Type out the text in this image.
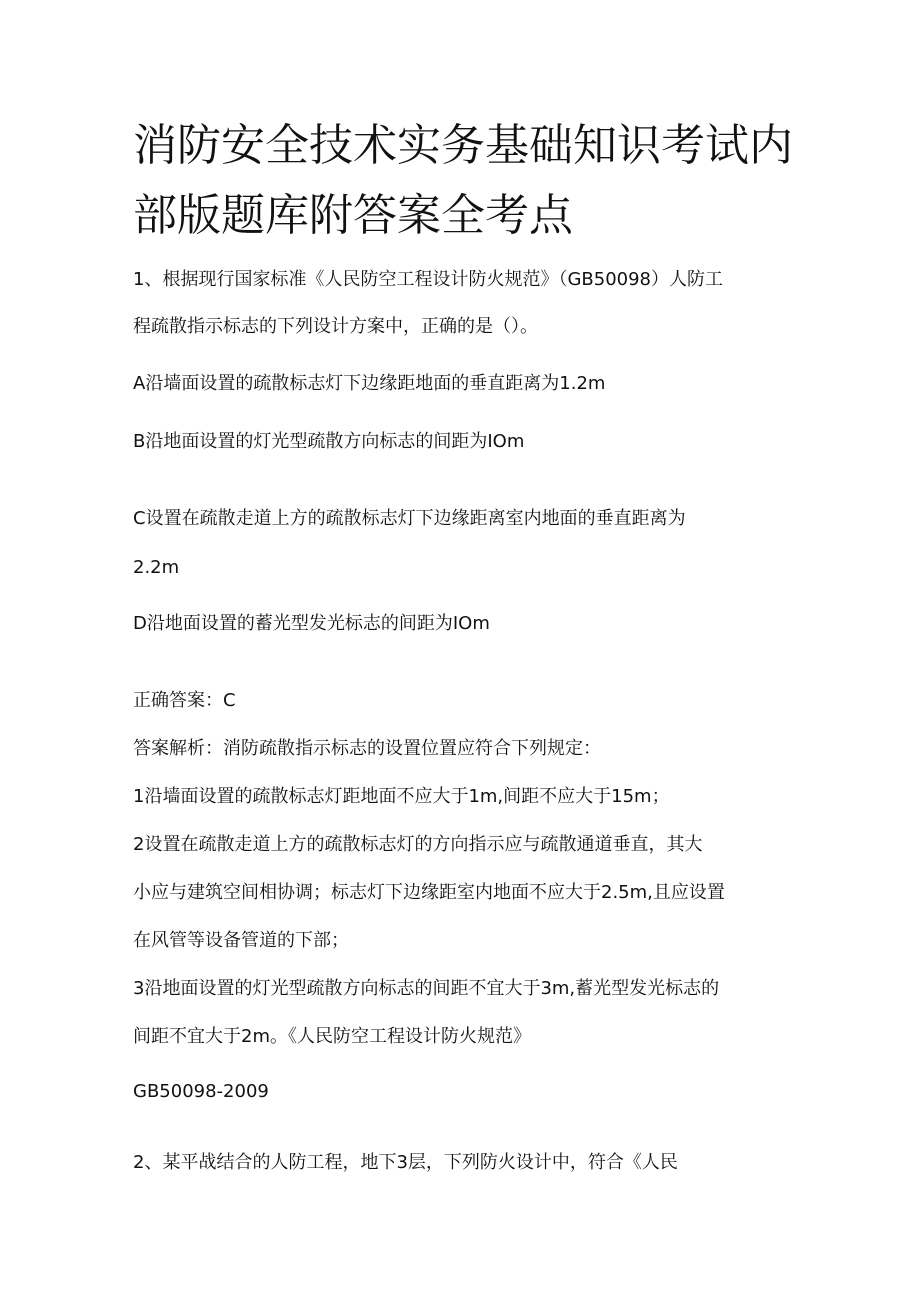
消防安全技术实务基础知识考试内
部版题库附答案全考点

1、根据现行国家标准《人民防空工程设计防火规范》（GB50098）人防工

程疏散指示标志的下列设计方案中，正确的是（）。

A沿墙面设置的疏散标志灯下边缘距地面的垂直距离为1.2m

B沿地面设置的灯光型疏散方向标志的间距为IOm

C设置在疏散走道上方的疏散标志灯下边缘距离室内地面的垂直距离为

2.2m

D沿地面设置的蓄光型发光标志的间距为IOm

正确答案：C

答案解析：消防疏散指示标志的设置位置应符合下列规定：

1沿墙面设置的疏散标志灯距地面不应大于1m,间距不应大于15m；

2设置在疏散走道上方的疏散标志灯的方向指示应与疏散通道垂直，其大

小应与建筑空间相协调；标志灯下边缘距室内地面不应大于2.5m,且应设置

在风管等设备管道的下部；

3沿地面设置的灯光型疏散方向标志的间距不宜大于3m,蓄光型发光标志的

间距不宜大于2m。《人民防空工程设计防火规范》

GB50098-2009

2、某平战结合的人防工程，地下3层，下列防火设计中，符合《人民
